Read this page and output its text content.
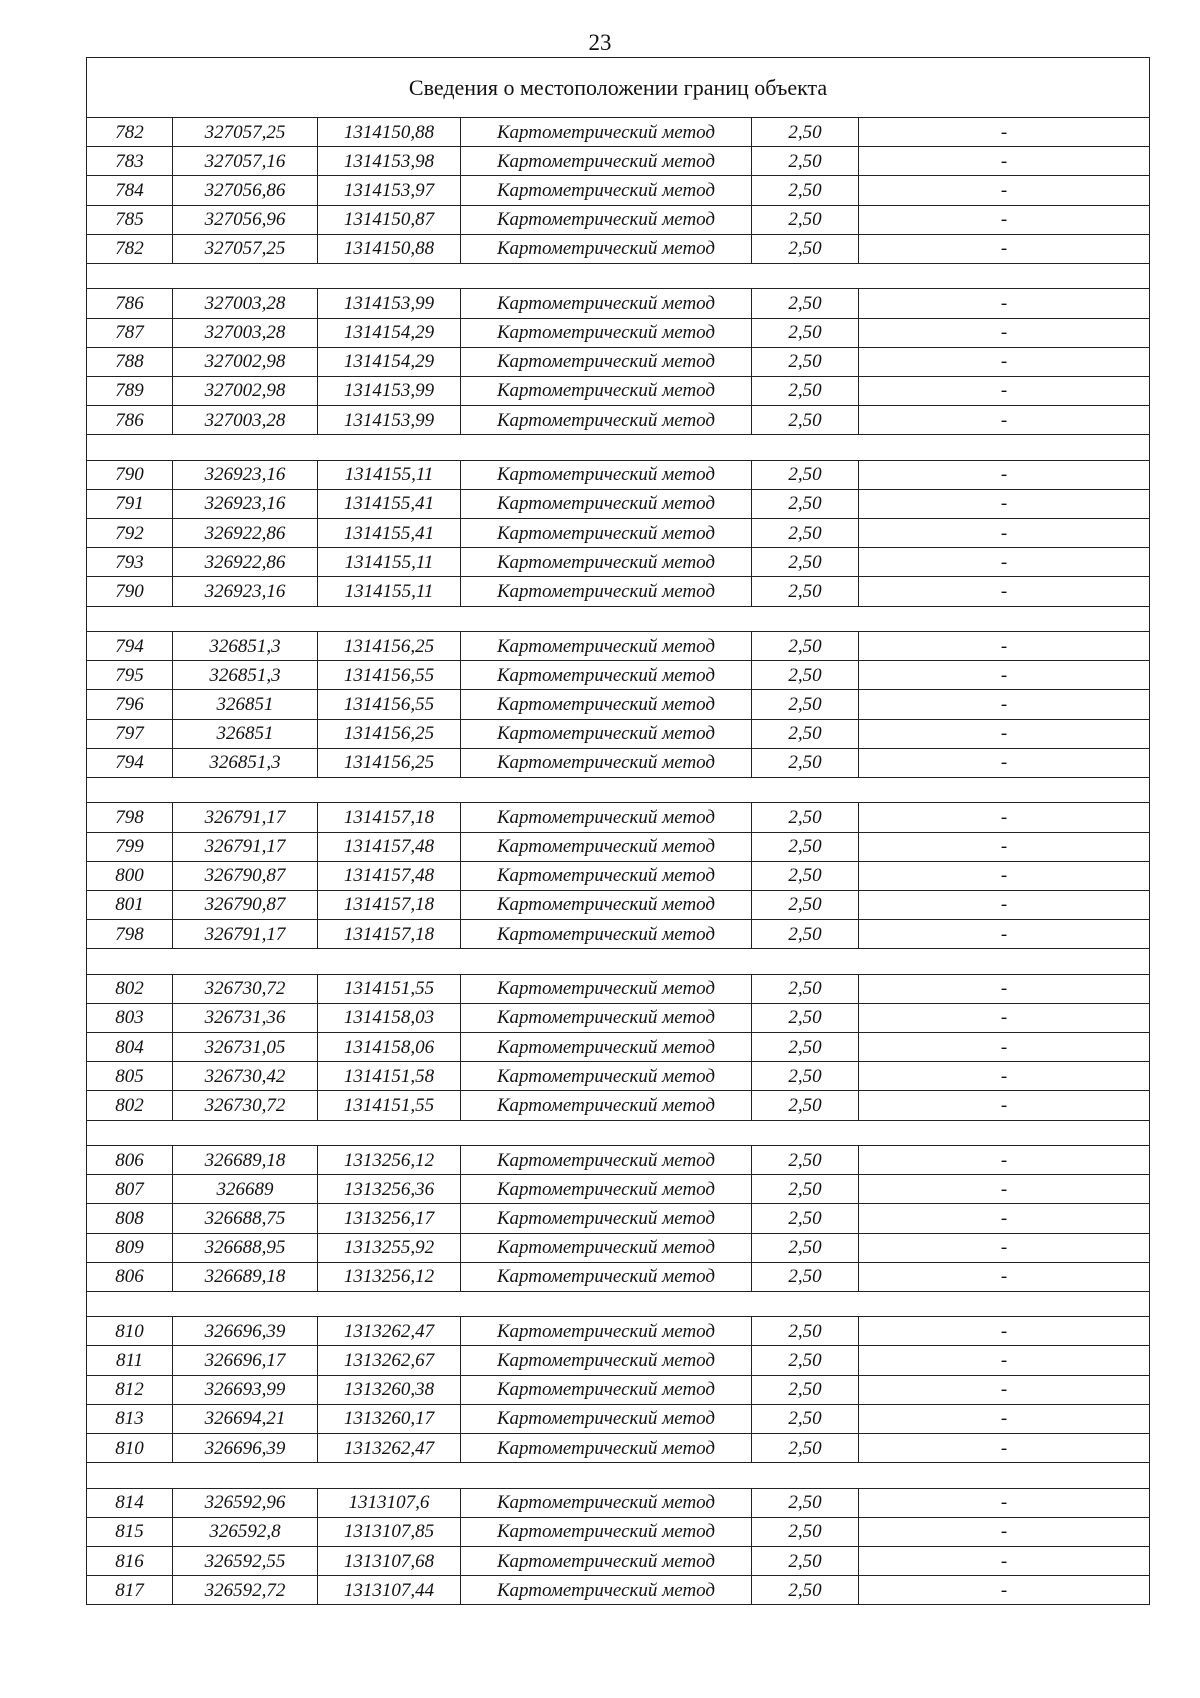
23
Сведения о местоположении границ объекта					
782	327057,25	1314150,88	Картометрический метод	2,50	-
783	327057,16	1314153,98	Картометрический метод	2,50	-
784	327056,86	1314153,97	Картометрический метод	2,50	-
785	327056,96	1314150,87	Картометрический метод	2,50	-
782	327057,25	1314150,88	Картометрический метод	2,50	-

786	327003,28	1314153,99	Картометрический метод	2,50	-
787	327003,28	1314154,29	Картометрический метод	2,50	-
788	327002,98	1314154,29	Картометрический метод	2,50	-
789	327002,98	1314153,99	Картометрический метод	2,50	-
786	327003,28	1314153,99	Картометрический метод	2,50	-

790	326923,16	1314155,11	Картометрический метод	2,50	-
791	326923,16	1314155,41	Картометрический метод	2,50	-
792	326922,86	1314155,41	Картометрический метод	2,50	-
793	326922,86	1314155,11	Картометрический метод	2,50	-
790	326923,16	1314155,11	Картометрический метод	2,50	-

794	326851,3	1314156,25	Картометрический метод	2,50	-
795	326851,3	1314156,55	Картометрический метод	2,50	-
796	326851	1314156,55	Картометрический метод	2,50	-
797	326851	1314156,25	Картометрический метод	2,50	-
794	326851,3	1314156,25	Картометрический метод	2,50	-

798	326791,17	1314157,18	Картометрический метод	2,50	-
799	326791,17	1314157,48	Картометрический метод	2,50	-
800	326790,87	1314157,48	Картометрический метод	2,50	-
801	326790,87	1314157,18	Картометрический метод	2,50	-
798	326791,17	1314157,18	Картометрический метод	2,50	-

802	326730,72	1314151,55	Картометрический метод	2,50	-
803	326731,36	1314158,03	Картометрический метод	2,50	-
804	326731,05	1314158,06	Картометрический метод	2,50	-
805	326730,42	1314151,58	Картометрический метод	2,50	-
802	326730,72	1314151,55	Картометрический метод	2,50	-

806	326689,18	1313256,12	Картометрический метод	2,50	-
807	326689	1313256,36	Картометрический метод	2,50	-
808	326688,75	1313256,17	Картометрический метод	2,50	-
809	326688,95	1313255,92	Картометрический метод	2,50	-
806	326689,18	1313256,12	Картометрический метод	2,50	-

810	326696,39	1313262,47	Картометрический метод	2,50	-
811	326696,17	1313262,67	Картометрический метод	2,50	-
812	326693,99	1313260,38	Картометрический метод	2,50	-
813	326694,21	1313260,17	Картометрический метод	2,50	-
810	326696,39	1313262,47	Картометрический метод	2,50	-

814	326592,96	1313107,6	Картометрический метод	2,50	-
815	326592,8	1313107,85	Картометрический метод	2,50	-
816	326592,55	1313107,68	Картометрический метод	2,50	-
817	326592,72	1313107,44	Картометрический метод	2,50	-
